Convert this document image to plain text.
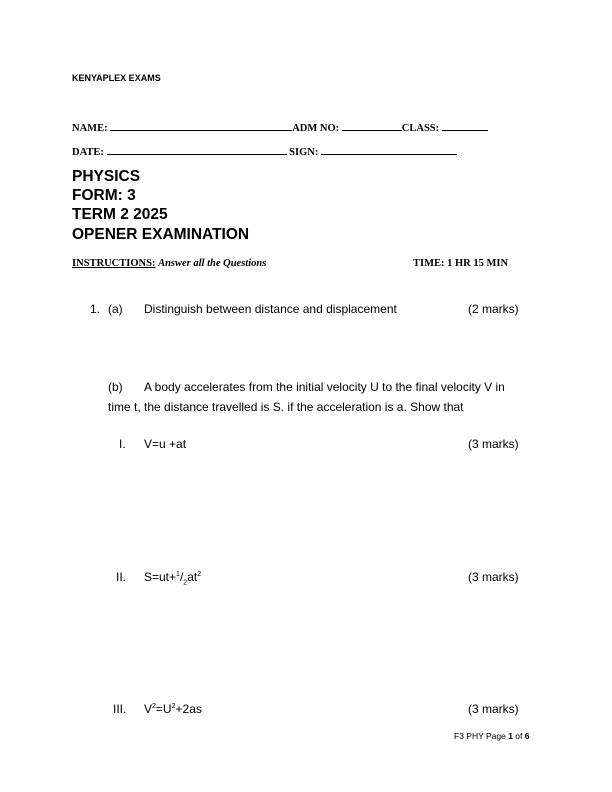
KENYAPLEX EXAMS
NAME:	ADM NO:	CLASS:
DATE:	SIGN:
PHYSICS
FORM: 3
TERM 2 2025
OPENER EXAMINATION
INSTRUCTIONS: Answer all the Questions	TIME: 1 HR 15 MIN
1. (a) Distinguish between distance and displacement	(2 marks)
(b) A body accelerates from the initial velocity U to the final velocity V in
time t, the distance travelled is S. if the acceleration is a. Show that
I. V=u +at	(3 marks)
II. $S=ut+^1/_2at^2$	(3 marks)
III. $V^2=U^2+2as$	(3 marks)
F3 PHY Page 1 of 6
